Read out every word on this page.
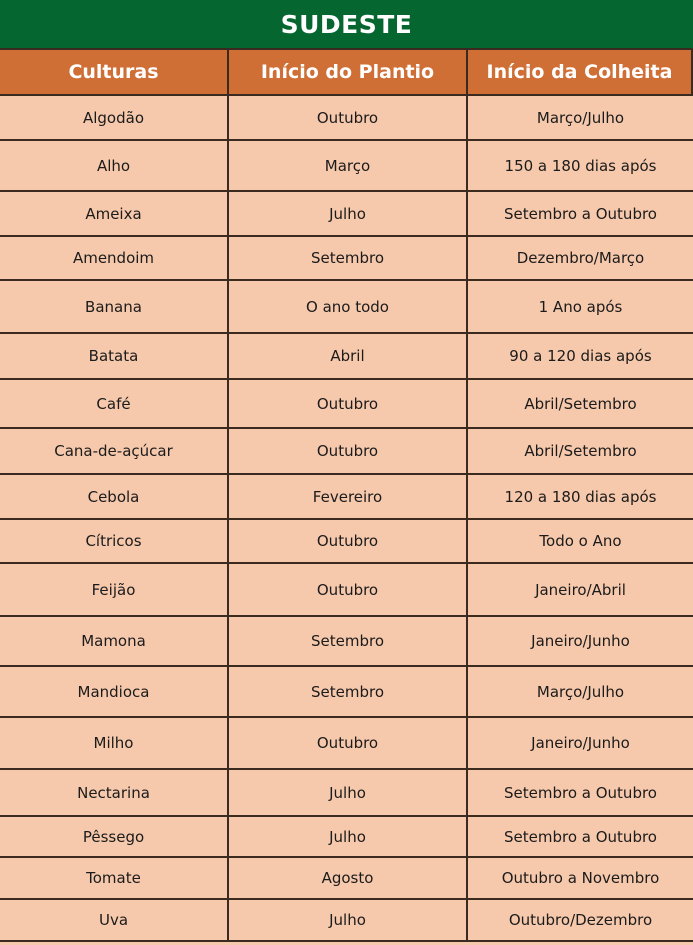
SUDESTE
Culturas	Início do Plantio	Início da Colheita
Algodão	Outubro	Março/Julho
Alho	Março	150 a 180 dias após
Ameixa	Julho	Setembro a Outubro
Amendoim	Setembro	Dezembro/Março
Banana	O ano todo	1 Ano após
Batata	Abril	90 a 120 dias após
Café	Outubro	Abril/Setembro
Cana-de-açúcar	Outubro	Abril/Setembro
Cebola	Fevereiro	120 a 180 dias após
Cítricos	Outubro	Todo o Ano
Feijão	Outubro	Janeiro/Abril
Mamona	Setembro	Janeiro/Junho
Mandioca	Setembro	Março/Julho
Milho	Outubro	Janeiro/Junho
Nectarina	Julho	Setembro a Outubro
Pêssego	Julho	Setembro a Outubro
Tomate	Agosto	Outubro a Novembro
Uva	Julho	Outubro/Dezembro
